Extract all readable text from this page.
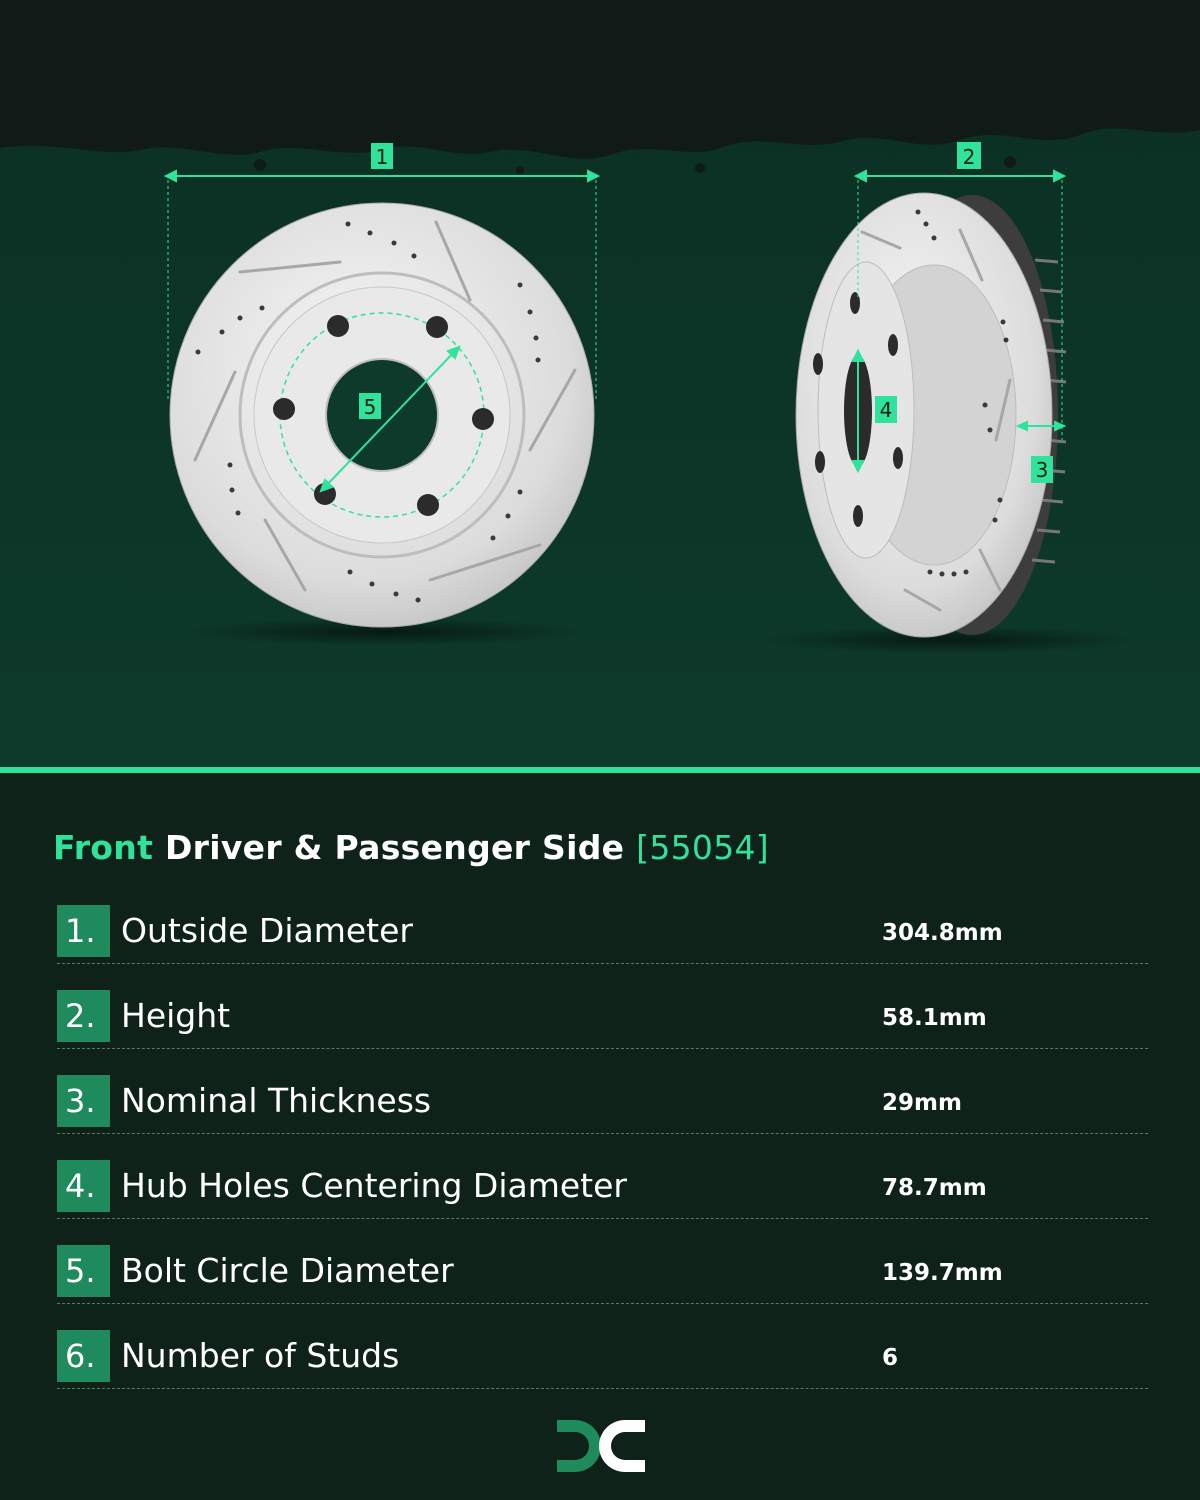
1
5
2
3
4
Front Driver & Passenger Side [55054]
1. Outside Diameter	304.8mm
2. Height	58.1mm
3. Nominal Thickness	29mm
4. Hub Holes Centering Diameter	78.7mm
5. Bolt Circle Diameter	139.7mm
6. Number of Studs	6
